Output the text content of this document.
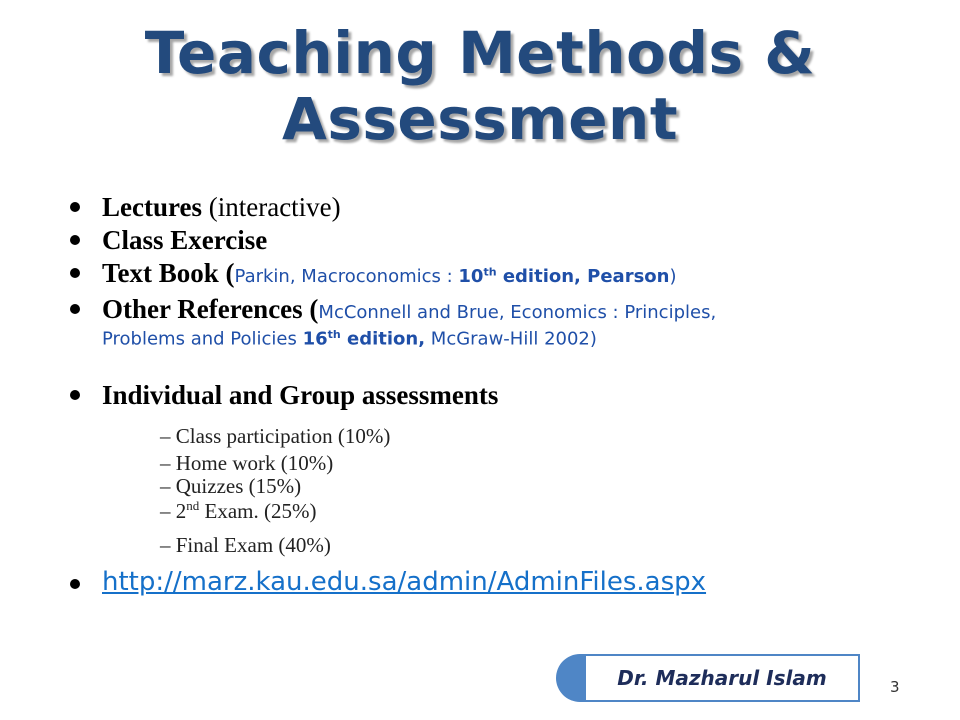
Teaching Methods &
Assessment
Lectures (interactive)
Class Exercise
Text Book (Parkin, Macroconomics : 10th edition, Pearson)
Other References (McConnell and Brue, Economics : Principles,
Problems and Policies 16th edition, McGraw-Hill 2002)
Individual and Group assessments
– Class participation (10%)
– Home work (10%)
– Quizzes (15%)
– 2nd Exam. (25%)
– Final Exam (40%)
http://marz.kau.edu.sa/admin/AdminFiles.aspx
Dr. Mazharul Islam	3
